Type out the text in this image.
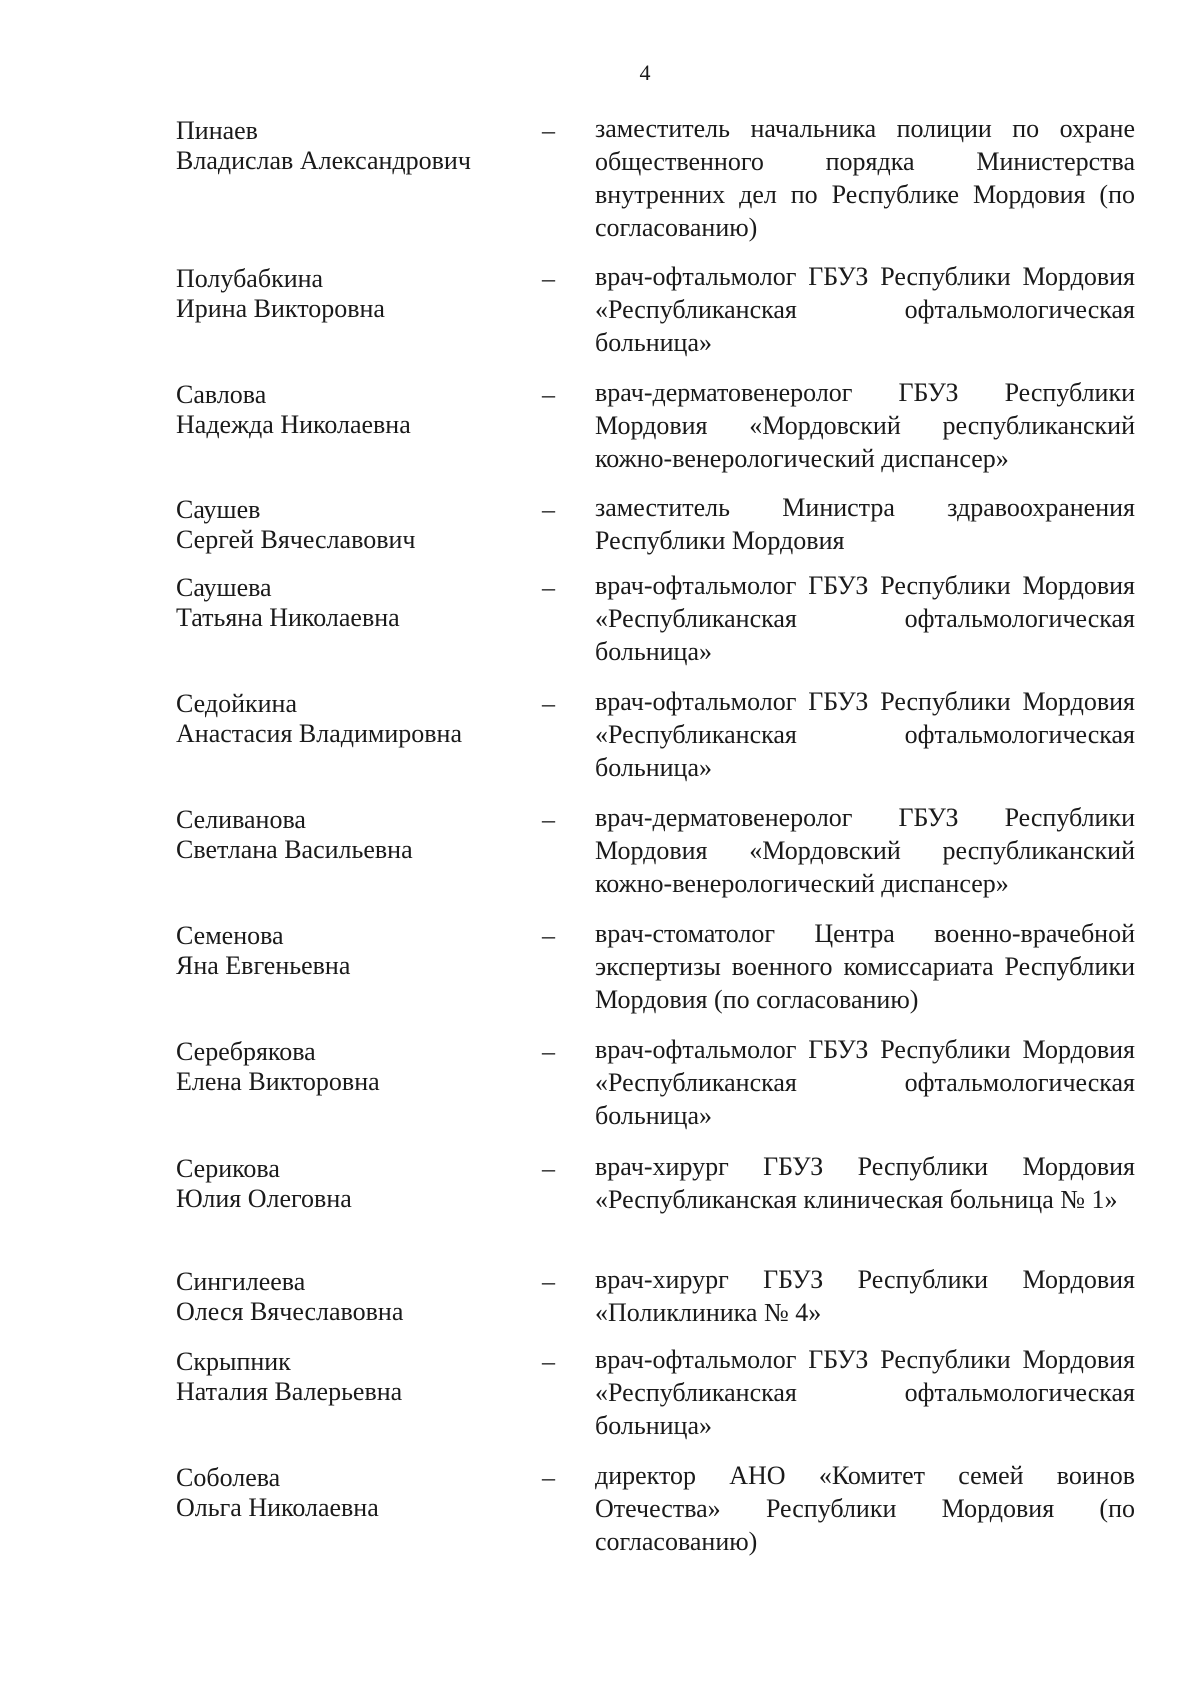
4
Пинаев
Владислав Александрович
– заместитель начальника полиции по охране общественного порядка Министерства внутренних дел по Республике Мордовия (по согласованию)
Полубабкина
Ирина Викторовна
– врач-офтальмолог ГБУЗ Республики Мордовия «Республиканская офтальмологическая больница»
Савлова
Надежда Николаевна
– врач-дерматовенеролог ГБУЗ Республики Мордовия «Мордовский республиканский кожно-венерологический диспансер»
Саушев
Сергей Вячеславович
– заместитель Министра здравоохранения Республики Мордовия
Саушева
Татьяна Николаевна
– врач-офтальмолог ГБУЗ Республики Мордовия «Республиканская офтальмологическая больница»
Седойкина
Анастасия Владимировна
– врач-офтальмолог ГБУЗ Республики Мордовия «Республиканская офтальмологическая больница»
Селиванова
Светлана Васильевна
– врач-дерматовенеролог ГБУЗ Республики Мордовия «Мордовский республиканский кожно-венерологический диспансер»
Семенова
Яна Евгеньевна
– врач-стоматолог Центра военно-врачебной экспертизы военного комиссариата Республики Мордовия (по согласованию)
Серебрякова
Елена Викторовна
– врач-офтальмолог ГБУЗ Республики Мордовия «Республиканская офтальмологическая больница»
Серикова
Юлия Олеговна
– врач-хирург ГБУЗ Республики Мордовия «Республиканская клиническая больница № 1»
Сингилеева
Олеся Вячеславовна
– врач-хирург ГБУЗ Республики Мордовия «Поликлиника № 4»
Скрыпник
Наталия Валерьевна
– врач-офтальмолог ГБУЗ Республики Мордовия «Республиканская офтальмологическая больница»
Соболева
Ольга Николаевна
– директор АНО «Комитет семей воинов Отечества» Республики Мордовия (по согласованию)
